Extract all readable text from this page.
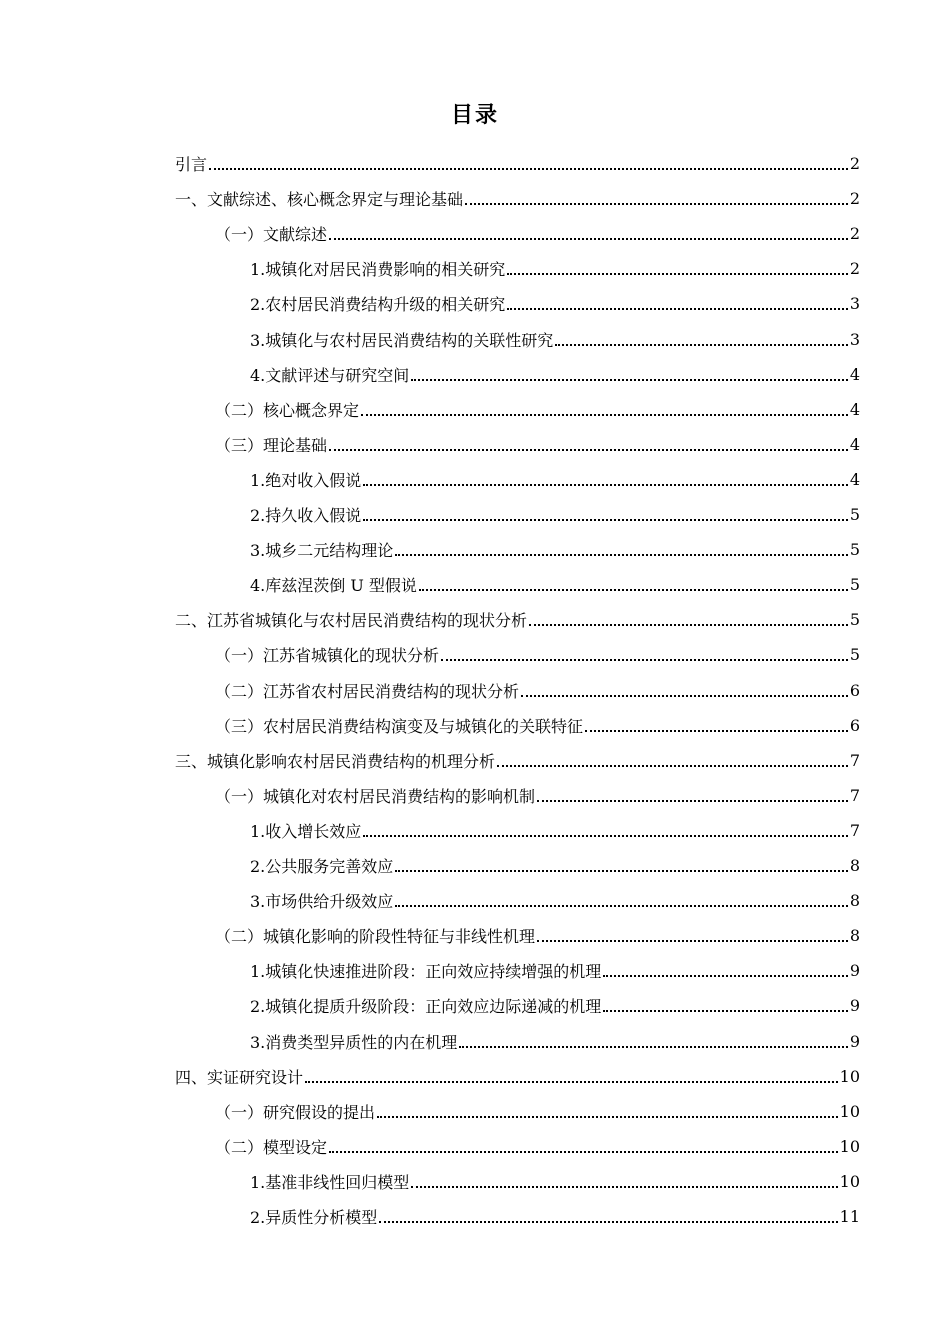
目录
引言	2
一、文献综述、核心概念界定与理论基础	2
（一）文献综述	2
1.城镇化对居民消费影响的相关研究	2
2.农村居民消费结构升级的相关研究	3
3.城镇化与农村居民消费结构的关联性研究	3
4.文献评述与研究空间	4
（二）核心概念界定	4
（三）理论基础	4
1.绝对收入假说	4
2.持久收入假说	5
3.城乡二元结构理论	5
4.库兹涅茨倒 U 型假说	5
二、江苏省城镇化与农村居民消费结构的现状分析	5
（一）江苏省城镇化的现状分析	5
（二）江苏省农村居民消费结构的现状分析	6
（三）农村居民消费结构演变及与城镇化的关联特征	6
三、城镇化影响农村居民消费结构的机理分析	7
（一）城镇化对农村居民消费结构的影响机制	7
1.收入增长效应	7
2.公共服务完善效应	8
3.市场供给升级效应	8
（二）城镇化影响的阶段性特征与非线性机理	8
1.城镇化快速推进阶段：正向效应持续增强的机理	9
2.城镇化提质升级阶段：正向效应边际递减的机理	9
3.消费类型异质性的内在机理	9
四、实证研究设计	10
（一）研究假设的提出	10
（二）模型设定	10
1.基准非线性回归模型	10
2.异质性分析模型	11
